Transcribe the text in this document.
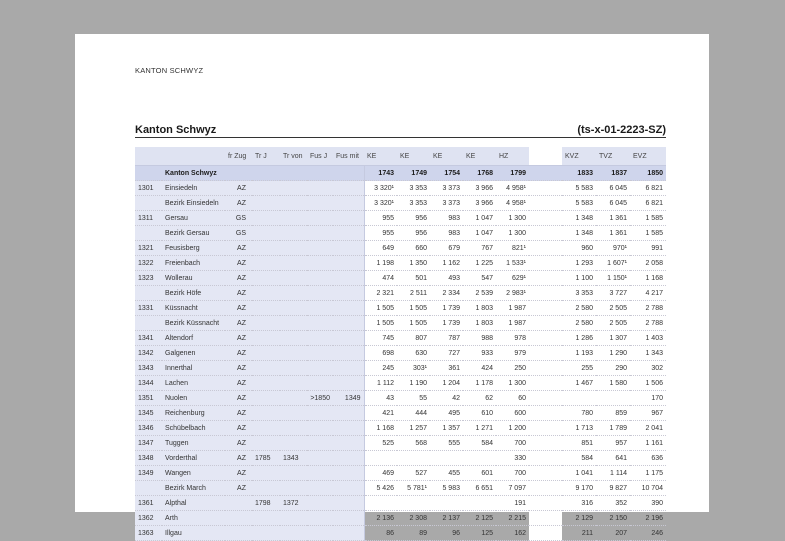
KANTON SCHWYZ
Kanton Schwyz	(ts-x-01-2223-SZ)
		fr Zug	Tr J	Tr von	Fus J	Fus mit	KE	KE	KE	KE	HZ		KVZ	TVZ	EVZ
	Kanton Schwyz						1743	1749	1754	1768	1799		1833	1837	1850
1301	Einsiedeln	AZ					3 320¹	3 353	3 373	3 966	4 958¹		5 583	6 045	6 821
	Bezirk Einsiedeln	AZ					3 320¹	3 353	3 373	3 966	4 958¹		5 583	6 045	6 821
1311	Gersau	GS					955	956	983	1 047	1 300		1 348	1 361	1 585
	Bezirk Gersau	GS					955	956	983	1 047	1 300		1 348	1 361	1 585
1321	Feusisberg	AZ					649	660	679	767	821¹		960	970¹	991
1322	Freienbach	AZ					1 198	1 350	1 162	1 225	1 533¹		1 293	1 607¹	2 058
1323	Wollerau	AZ					474	501	493	547	629¹		1 100	1 150¹	1 168
	Bezirk Höfe	AZ					2 321	2 511	2 334	2 539	2 983¹		3 353	3 727	4 217
1331	Küssnacht	AZ					1 505	1 505	1 739	1 803	1 987		2 580	2 505	2 788
	Bezirk Küssnacht	AZ					1 505	1 505	1 739	1 803	1 987		2 580	2 505	2 788
1341	Altendorf	AZ					745	807	787	988	978		1 286	1 307	1 403
1342	Galgenen	AZ					698	630	727	933	979		1 193	1 290	1 343
1343	Innerthal	AZ					245	303¹	361	424	250		255	290	302
1344	Lachen	AZ					1 112	1 190	1 204	1 178	1 300		1 467	1 580	1 506
1351	Nuolen	AZ			>1850	1349	43	55	42	62	60				170
1345	Reichenburg	AZ					421	444	495	610	600		780	859	967
1346	Schübelbach	AZ					1 168	1 257	1 357	1 271	1 200		1 713	1 789	2 041
1347	Tuggen	AZ					525	568	555	584	700		851	957	1 161
1348	Vorderthal	AZ	1785	1343							330		584	641	636
1349	Wangen	AZ					469	527	455	601	700		1 041	1 114	1 175
	Bezirk March	AZ					5 426	5 781¹	5 983	6 651	7 097		9 170	9 827	10 704
1361	Alpthal		1798	1372							191		316	352	390
1362	Arth						2 136	2 308	2 137	2 125	2 215		2 129	2 150	2 196
1363	Illgau						86	89	96	125	162		211	207	246
